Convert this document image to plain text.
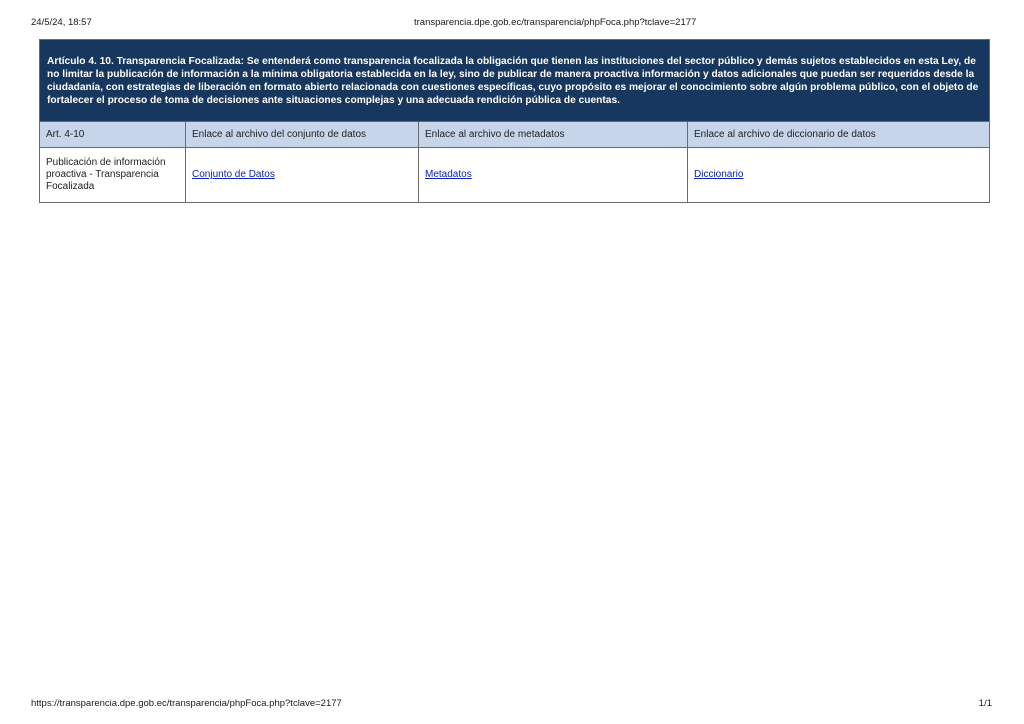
24/5/24, 18:57	transparencia.dpe.gob.ec/transparencia/phpFoca.php?tclave=2177
Artículo 4. 10. Transparencia Focalizada: Se entenderá como transparencia focalizada la obligación que tienen las instituciones del sector público y demás sujetos establecidos en esta Ley, de no limitar la publicación de información a la mínima obligatoria establecida en la ley, sino de publicar de manera proactiva información y datos adicionales que puedan ser requeridos desde la ciudadanía, con estrategias de liberación en formato abierto relacionada con cuestiones específicas, cuyo propósito es mejorar el conocimiento sobre algún problema público, con el objeto de fortalecer el proceso de toma de decisiones ante situaciones complejas y una adecuada rendición pública de cuentas.			
Art. 4-10	Enlace al archivo del conjunto de datos	Enlace al archivo de metadatos	Enlace al archivo de diccionario de datos
Publicación de información proactiva - Transparencia Focalizada	Conjunto de Datos	Metadatos	Diccionario
https://transparencia.dpe.gob.ec/transparencia/phpFoca.php?tclave=2177	1/1
